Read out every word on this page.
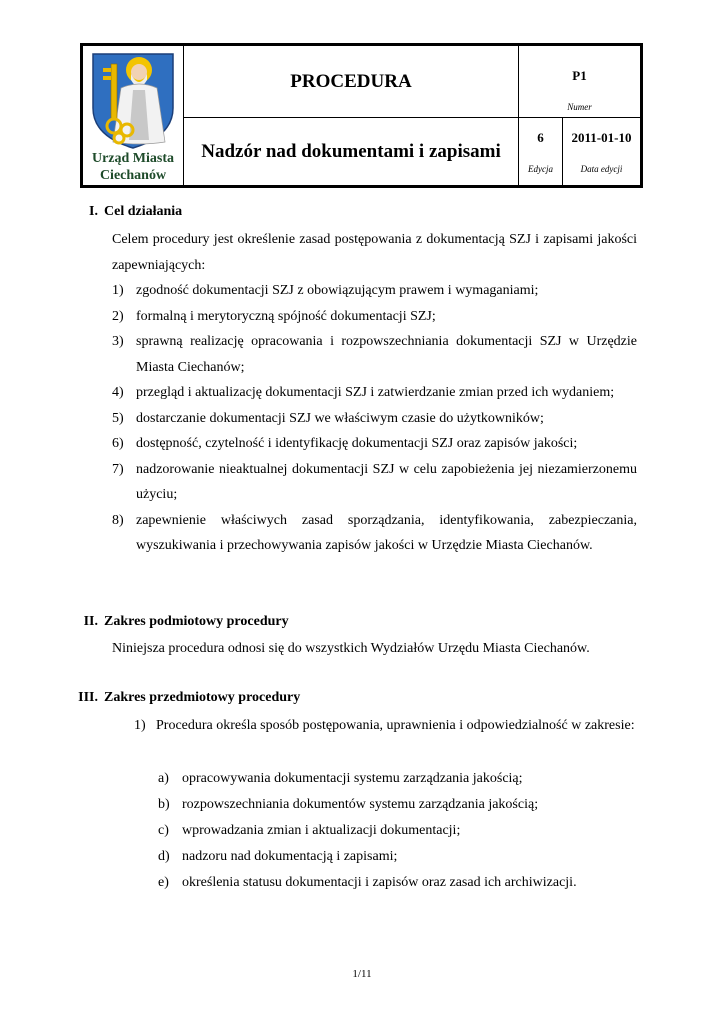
Urząd Miasta
Ciechanów
PROCEDURA
Nadzór nad dokumentami i zapisami
P1
Numer
6
Edycja
2011-01-10
Data edycji
I. Cel działania
Celem procedury jest określenie zasad postępowania z dokumentacją SZJ i zapisami jakości zapewniających:
1) zgodność dokumentacji SZJ z obowiązującym prawem i wymaganiami;
2) formalną i merytoryczną spójność dokumentacji SZJ;
3) sprawną realizację opracowania i rozpowszechniania dokumentacji SZJ w Urzędzie Miasta Ciechanów;
4) przegląd i aktualizację dokumentacji SZJ i zatwierdzanie zmian przed ich wydaniem;
5) dostarczanie dokumentacji SZJ we właściwym czasie do użytkowników;
6) dostępność, czytelność i identyfikację dokumentacji SZJ oraz zapisów jakości;
7) nadzorowanie nieaktualnej dokumentacji SZJ w celu zapobieżenia jej niezamierzonemu użyciu;
8) zapewnienie właściwych zasad sporządzania, identyfikowania, zabezpieczania, wyszukiwania i przechowywania zapisów jakości w Urzędzie Miasta Ciechanów.
II. Zakres podmiotowy procedury
Niniejsza procedura odnosi się do wszystkich Wydziałów Urzędu Miasta Ciechanów.
III. Zakres przedmiotowy procedury
1) Procedura określa sposób postępowania, uprawnienia i odpowiedzialność w zakresie:
a) opracowywania dokumentacji systemu zarządzania jakością;
b) rozpowszechniania dokumentów systemu zarządzania jakością;
c) wprowadzania zmian i aktualizacji dokumentacji;
d) nadzoru nad dokumentacją i zapisami;
e) określenia statusu dokumentacji i zapisów oraz zasad ich archiwizacji.
1/11
